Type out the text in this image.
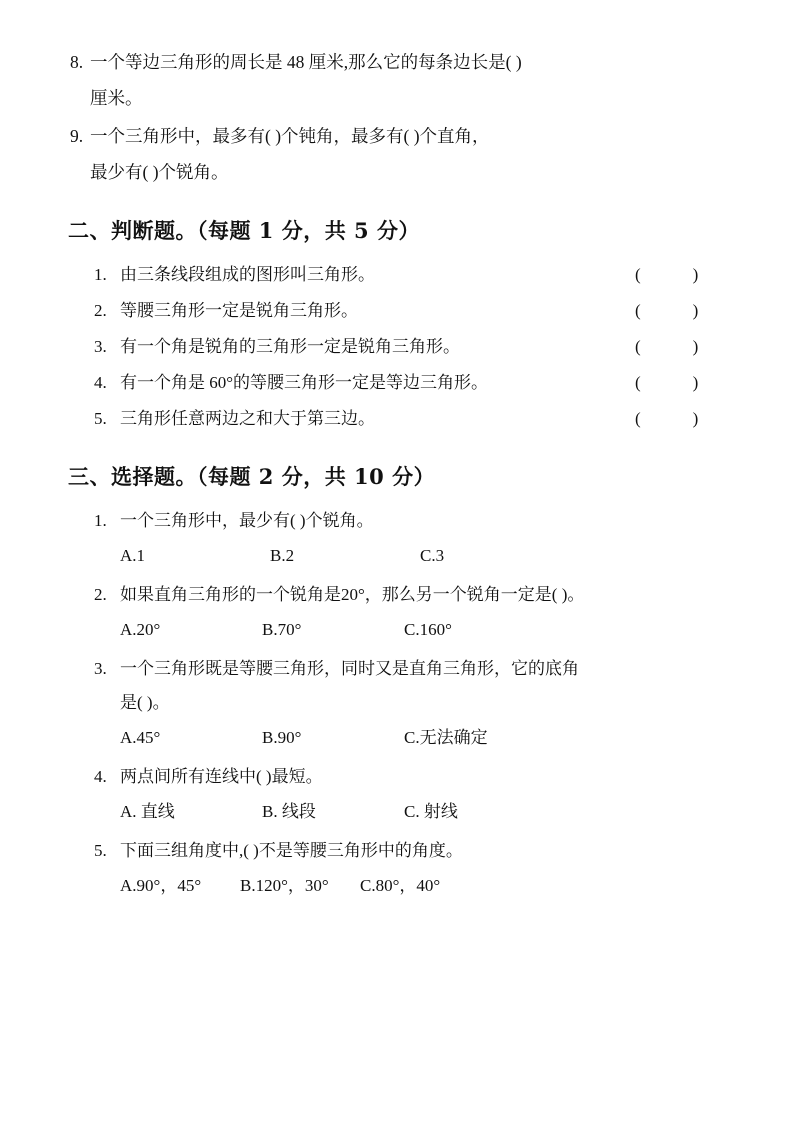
8. 一个等边三角形的周长是 48 厘米,那么它的每条边长是( )
厘米。
9. 一个三角形中，最多有( )个钝角，最多有( )个直角，
最少有( )个锐角。
二、判断题。（每题 1 分，共 5 分）
1. 由三条线段组成的图形叫三角形。	(        )
2. 等腰三角形一定是锐角三角形。	(        )
3. 有一个角是锐角的三角形一定是锐角三角形。	(        )
4. 有一个角是 60°的等腰三角形一定是等边三角形。	(        )
5. 三角形任意两边之和大于第三边。	(        )
三、选择题。（每题 2 分，共 10 分）
1. 一个三角形中，最少有( )个锐角。
A.1	B.2	C.3
2. 如果直角三角形的一个锐角是20°，那么另一个锐角一定是( )。
A.20°	B.70°	C.160°
3. 一个三角形既是等腰三角形，同时又是直角三角形，它的底角
是( )。
A.45°	B.90°	C.无法确定
4. 两点间所有连线中( )最短。
A. 直线	B. 线段	C. 射线
5. 下面三组角度中,( )不是等腰三角形中的角度。
A.90°，45°	B.120°，30°	C.80°，40°
